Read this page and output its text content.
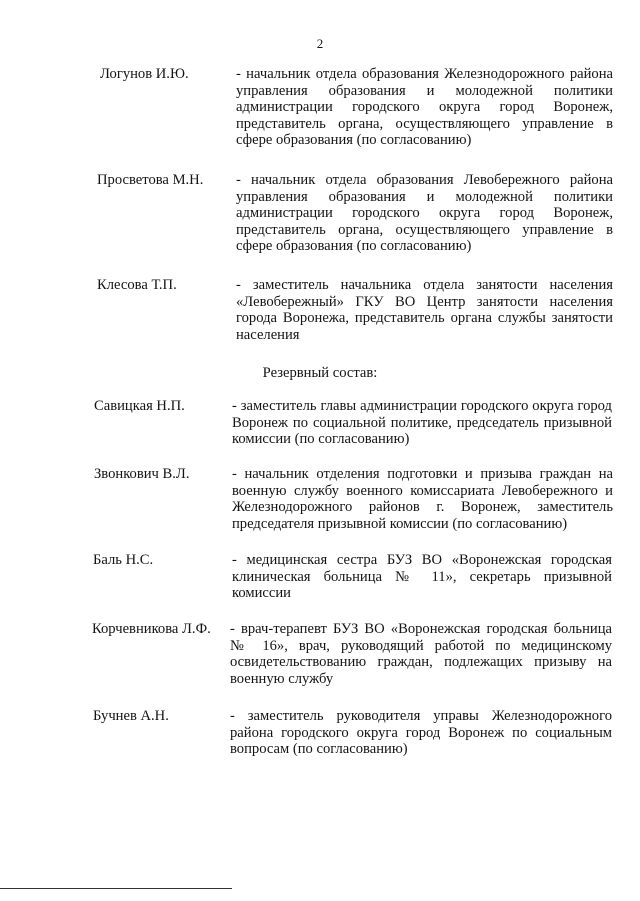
2
Логунов И.Ю.	- начальник отдела образования Железнодорожного района управления образования и молодежной политики администрации городского округа город Воронеж, представитель органа, осуществляющего управление в сфере образования (по согласованию)
Просветова М.Н. - начальник отдела образования Левобережного района управления образования и молодежной политики администрации городского округа город Воронеж, представитель органа, осуществляющего управление в сфере образования (по согласованию)
Клесова Т.П.	- заместитель начальника отдела занятости населения «Левобережный» ГКУ ВО Центр занятости населения города Воронежа, представитель органа службы занятости населения
Резервный состав:
Савицкая Н.П.	- заместитель главы администрации городского округа город Воронеж по социальной политике, председатель призывной комиссии (по согласованию)
Звонкович В.Л.	- начальник отделения подготовки и призыва граждан на военную службу военного комиссариата Левобережного и Железнодорожного районов г. Воронеж, заместитель председателя призывной комиссии (по согласованию)
Баль Н.С.	- медицинская сестра БУЗ ВО «Воронежская городская клиническая больница № 11», секретарь призывной комиссии
Корчевникова Л.Ф. - врач-терапевт БУЗ ВО «Воронежская городская больница № 16», врач, руководящий работой по медицинскому освидетельствованию граждан, подлежащих призыву на военную службу
Бучнев А.Н.	- заместитель руководителя управы Железнодорожного района городского округа город Воронеж по социальным вопросам (по согласованию)
